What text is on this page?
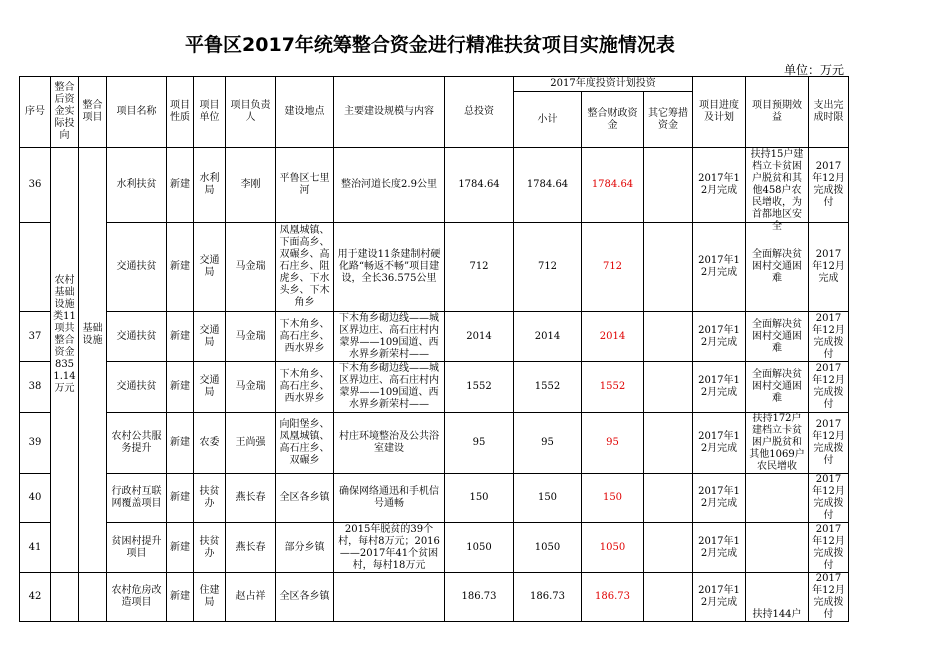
平鲁区2017年统筹整合资金进行精准扶贫项目实施情况表
单位：万元
序号	整合后资金实际投向	整合项目	项目名称	项目性质	项目单位	项目负责人	建设地点	主要建设规模与内容	总投资	2017年度投资计划投资			项目进度及计划	项目预期效益	支出完成时限
										小计	整合财政资金	其它筹措资金			
36	农村基础设施类11项共整合资金8351.14万元	基础设施	水利扶贫	新建	水利局	李刚	平鲁区七里河	整治河道长度2.9公里	1784.64	1784.64	1784.64		2017年12月完成	扶持15户建档立卡贫困户脱贫和其他458户农民增收，为首都地区安全	2017年12月完成拨付
			交通扶贫	新建	交通局	马金瑞	凤凰城镇、下面高乡、双碾乡、高石庄乡、阻虎乡、下水头乡、下木角乡	用于建设11条建制村硬化路“畅返不畅”项目建设，全长36.575公里	712	712	712		2017年12月完成	全面解决贫困村交通困难	2017年12月完成
37			交通扶贫	新建	交通局	马金瑞	下木角乡、高石庄乡、西水界乡	下木角乡砌边线——城区界边庄、高石庄村内蒙界——109国道、西水界乡新荣村——	2014	2014	2014		2017年12月完成	全面解决贫困村交通困难	2017年12月完成拨付
38			交通扶贫	新建	交通局	马金瑞	下木角乡、高石庄乡、西水界乡	下木角乡砌边线——城区界边庄、高石庄村内蒙界——109国道、西水界乡新荣村——	1552	1552	1552		2017年12月完成	全面解决贫困村交通困难	2017年12月完成拨付
39			农村公共服务提升	新建	农委	王尚强	向阳堡乡、凤凰城镇、高石庄乡、双碾乡	村庄环境整治及公共浴室建设	95	95	95		2017年12月完成	扶持172户建档立卡贫困户脱贫和其他1069户农民增收	2017年12月完成拨付
40			行政村互联网覆盖项目	新建	扶贫办	燕长春	全区各乡镇	确保网络通迅和手机信号通畅	150	150	150		2017年12月完成		2017年12月完成拨付
41			贫困村提升项目	新建	扶贫办	燕长春	部分乡镇	2015年脱贫的39个村，每村8万元；2016——2017年41个贫困村，每村18万元	1050	1050	1050		2017年12月完成		2017年12月完成拨付
42			农村危房改造项目	新建	住建局	赵占祥	全区各乡镇		186.73	186.73	186.73		2017年12月完成	扶持144户	2017年12月完成拨付
